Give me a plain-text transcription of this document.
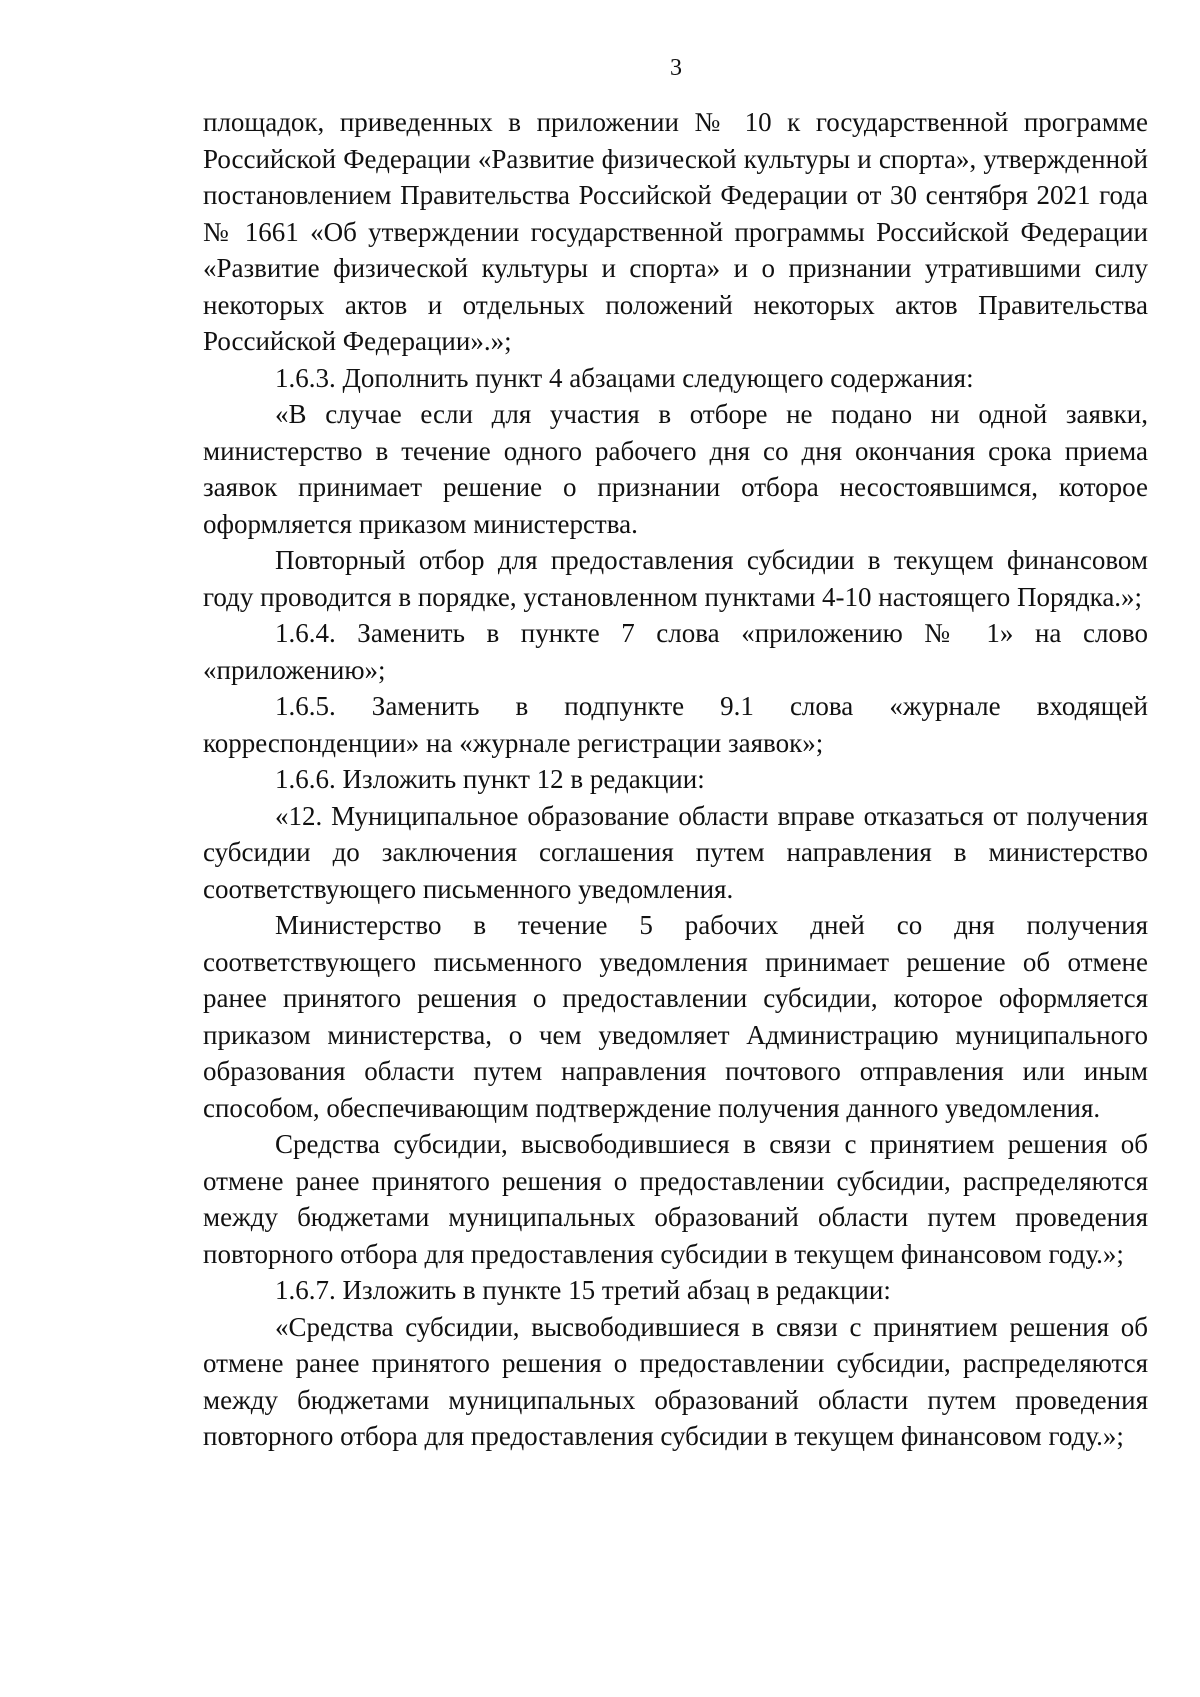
3

площадок, приведенных в приложении № 10 к государственной программе Российской Федерации «Развитие физической культуры и спорта», утвержденной постановлением Правительства Российской Федерации от 30 сентября 2021 года № 1661 «Об утверждении государственной программы Российской Федерации «Развитие физической культуры и спорта» и о признании утратившими силу некоторых актов и отдельных положений некоторых актов Правительства Российской Федерации».»;

1.6.3. Дополнить пункт 4 абзацами следующего содержания:

«В случае если для участия в отборе не подано ни одной заявки, министерство в течение одного рабочего дня со дня окончания срока приема заявок принимает решение о признании отбора несостоявшимся, которое оформляется приказом министерства.

Повторный отбор для предоставления субсидии в текущем финансовом году проводится в порядке, установленном пунктами 4-10 настоящего Порядка.»;

1.6.4. Заменить в пункте 7 слова «приложению № 1» на слово «приложению»;

1.6.5. Заменить в подпункте 9.1 слова «журнале входящей корреспонденции» на «журнале регистрации заявок»;

1.6.6. Изложить пункт 12 в редакции:

«12. Муниципальное образование области вправе отказаться от получения субсидии до заключения соглашения путем направления в министерство соответствующего письменного уведомления.

Министерство в течение 5 рабочих дней со дня получения соответствующего письменного уведомления принимает решение об отмене ранее принятого решения о предоставлении субсидии, которое оформляется приказом министерства, о чем уведомляет Администрацию муниципального образования области путем направления почтового отправления или иным способом, обеспечивающим подтверждение получения данного уведомления.

Средства субсидии, высвободившиеся в связи с принятием решения об отмене ранее принятого решения о предоставлении субсидии, распределяются между бюджетами муниципальных образований области путем проведения повторного отбора для предоставления субсидии в текущем финансовом году.»;

1.6.7. Изложить в пункте 15 третий абзац в редакции:

«Средства субсидии, высвободившиеся в связи с принятием решения об отмене ранее принятого решения о предоставлении субсидии, распределяются между бюджетами муниципальных образований области путем проведения повторного отбора для предоставления субсидии в текущем финансовом году.»;
